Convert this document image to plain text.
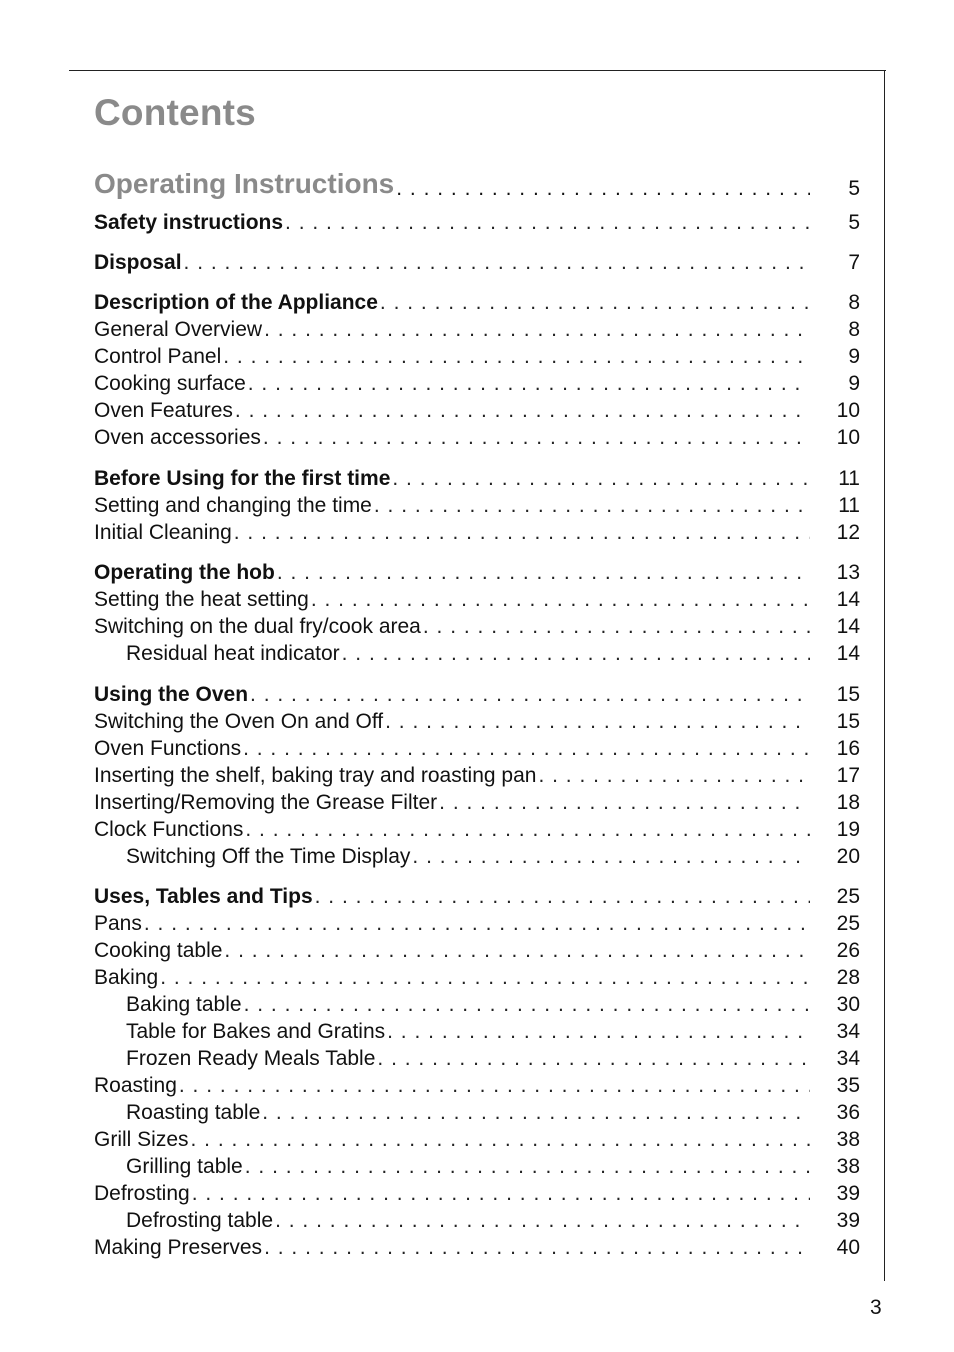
Contents
Operating Instructions . . .	5
Safety instructions . . .	5
Disposal . . .	7
Description of the Appliance . . .	8
General Overview . . .	8
Control Panel . . .	9
Cooking surface . . .	9
Oven Features . . .	10
Oven accessories . . .	10
Before Using for the first time . . .	11
Setting and changing the time . . .	11
Initial Cleaning . . .	12
Operating the hob . . .	13
Setting the heat setting . . .	14
Switching on the dual fry/cook area . . .	14
Residual heat indicator . . .	14
Using the Oven . . .	15
Switching the Oven On and Off . . .	15
Oven Functions . . .	16
Inserting the shelf, baking tray and roasting pan . . .	17
Inserting/Removing the Grease Filter . . .	18
Clock Functions . . .	19
Switching Off the Time Display . . .	20
Uses, Tables and Tips . . .	25
Pans . . .	25
Cooking table . . .	26
Baking . . .	28
Baking table . . .	30
Table for Bakes and Gratins . . .	34
Frozen Ready Meals Table . . .	34
Roasting . . .	35
Roasting table . . .	36
Grill Sizes . . .	38
Grilling table . . .	38
Defrosting . . .	39
Defrosting table . . .	39
Making Preserves . . .	40
3
